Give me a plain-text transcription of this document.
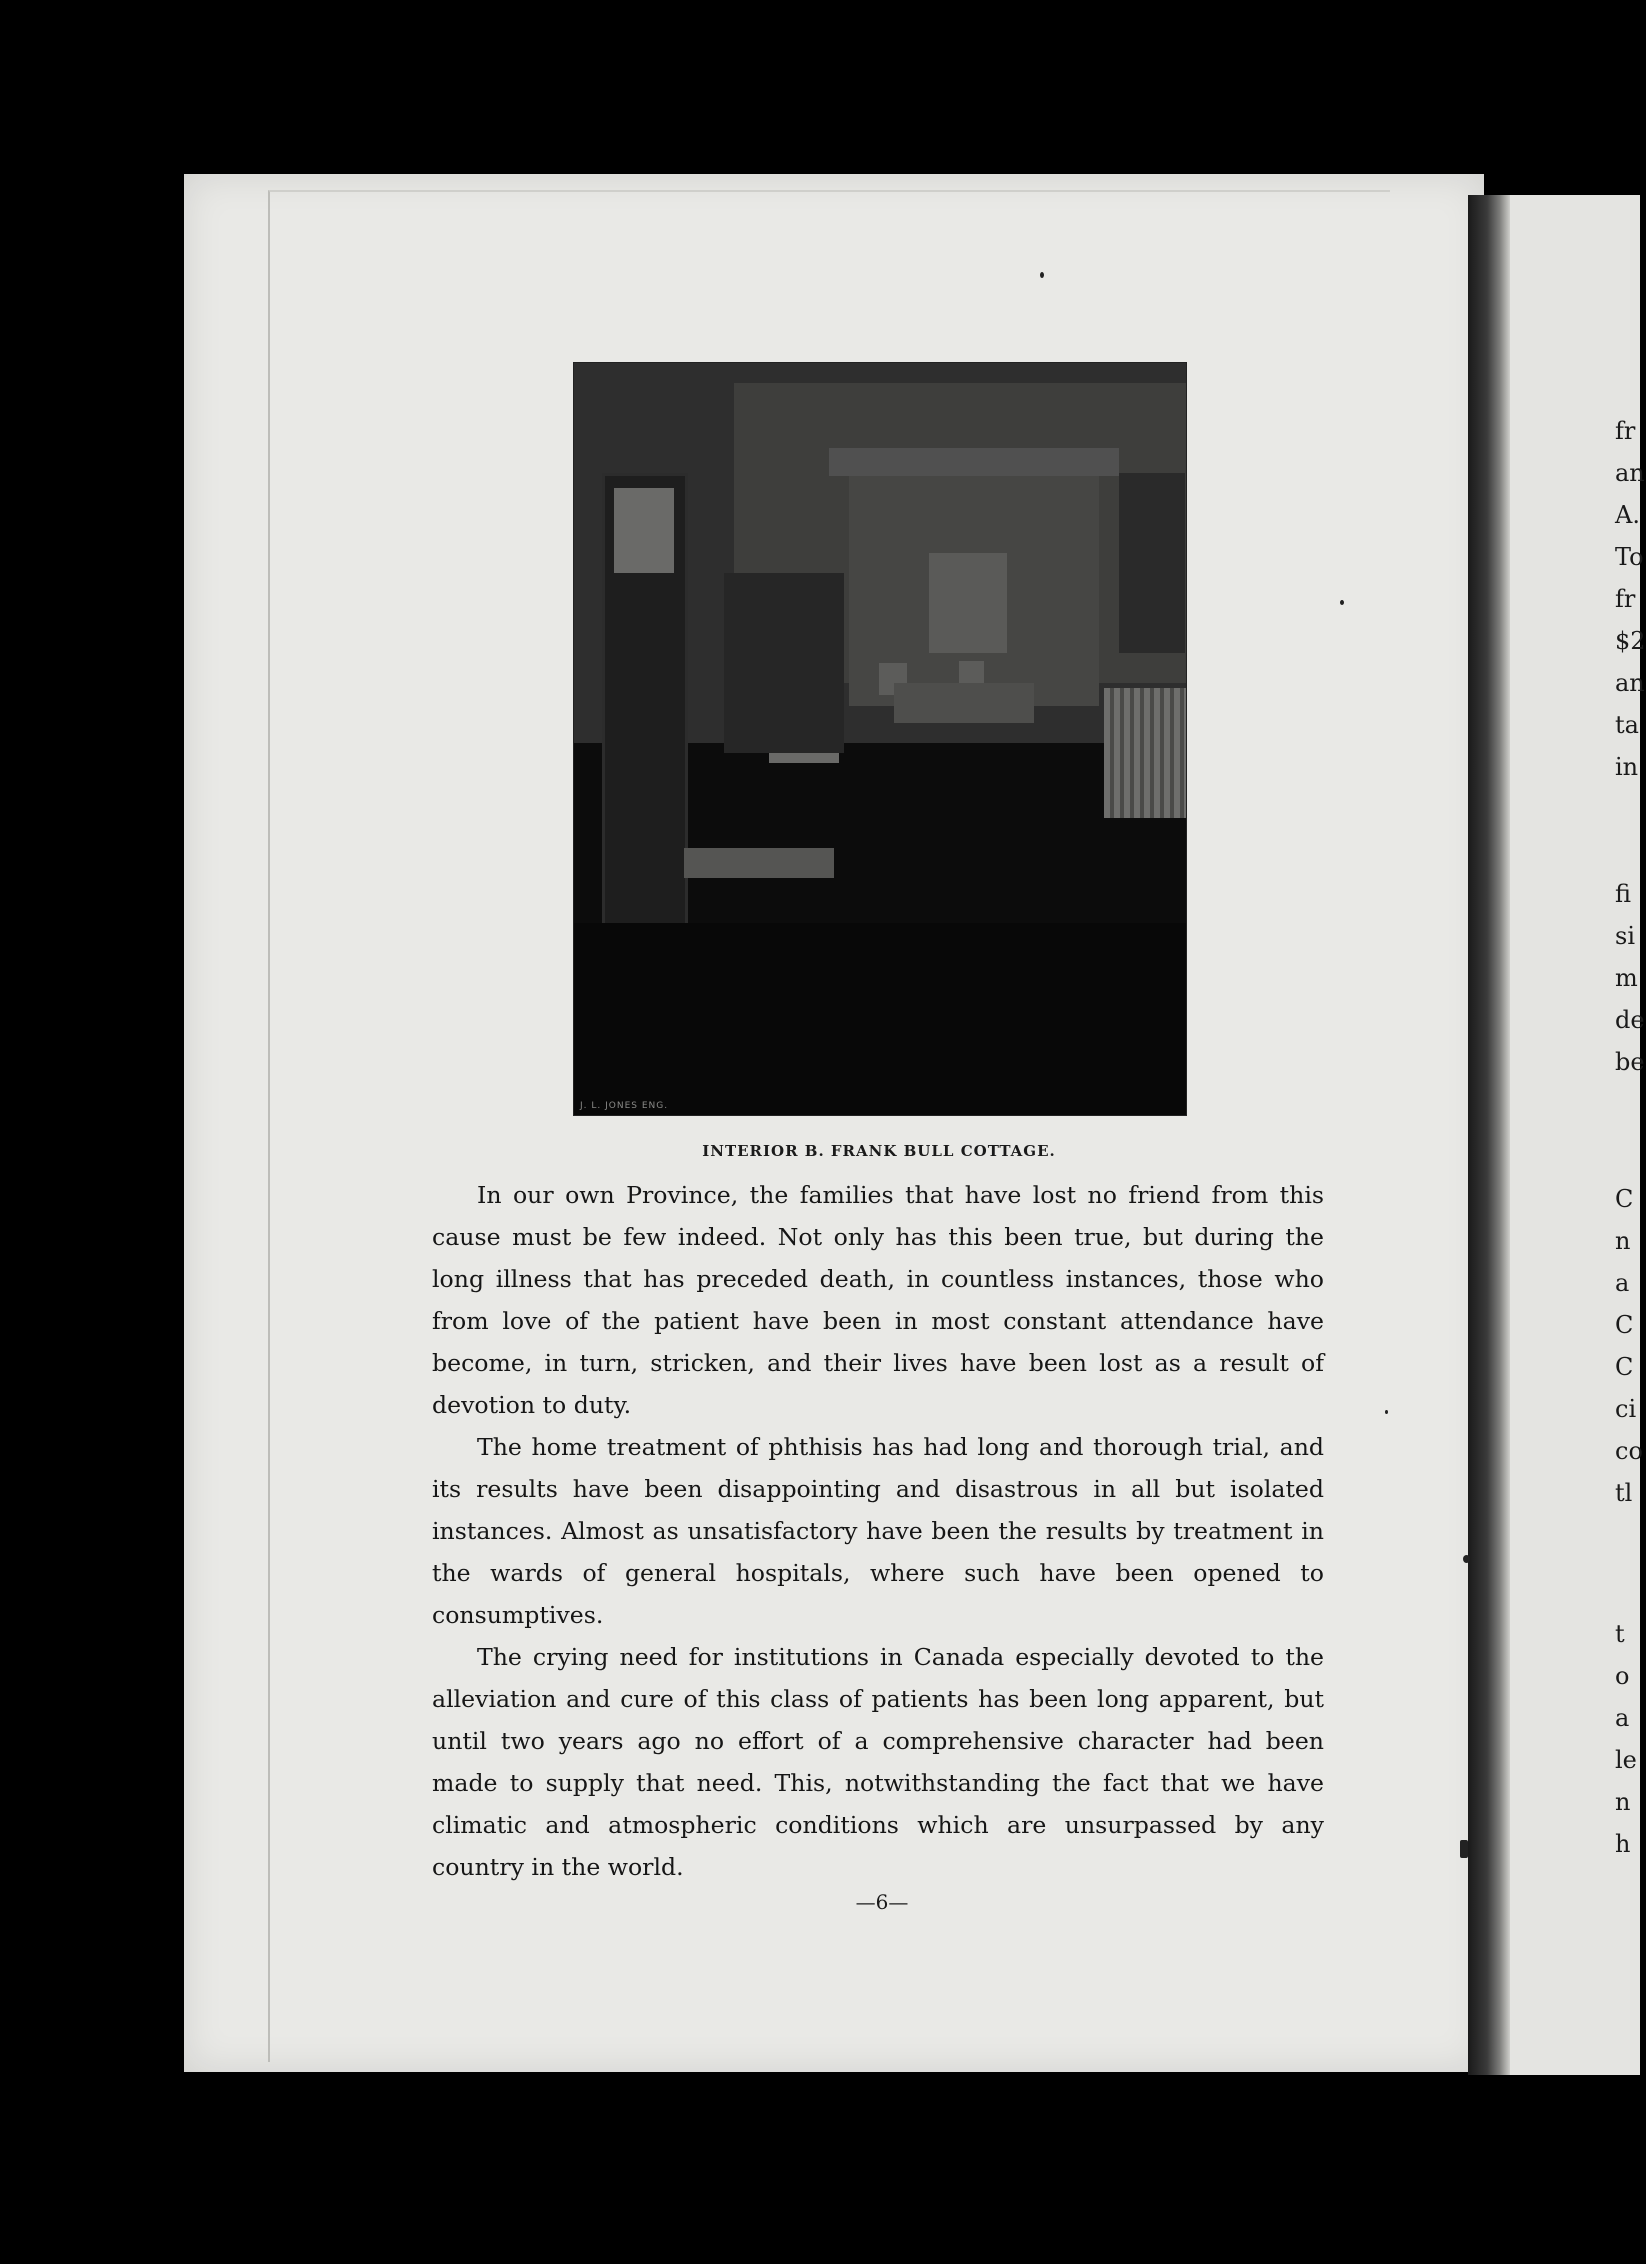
fr
an
A.
To
fr
$2
an
ta
in
fi
si
m
de
be
C
n
a
C
C
ci
co
tl
t
o
a
le
n
h
J. L. JONES ENG.
INTERIOR B. FRANK BULL COTTAGE.

In our own Province, the families that have lost no friend from this cause must be few indeed. Not only has this been true, but during the long illness that has preceded death, in countless instances, those who from love of the patient have been in most constant attendance have become, in turn, stricken, and their lives have been lost as a result of devotion to duty.

The home treatment of phthisis has had long and thorough trial, and its results have been disappointing and disastrous in all but isolated instances. Almost as unsatisfactory have been the results by treatment in the wards of general hospitals, where such have been opened to consumptives.

The crying need for institutions in Canada especially devoted to the alleviation and cure of this class of patients has been long apparent, but until two years ago no effort of a comprehensive character had been made to supply that need. This, notwithstanding the fact that we have climatic and atmospheric conditions which are unsurpassed by any country in the world.

—6—
